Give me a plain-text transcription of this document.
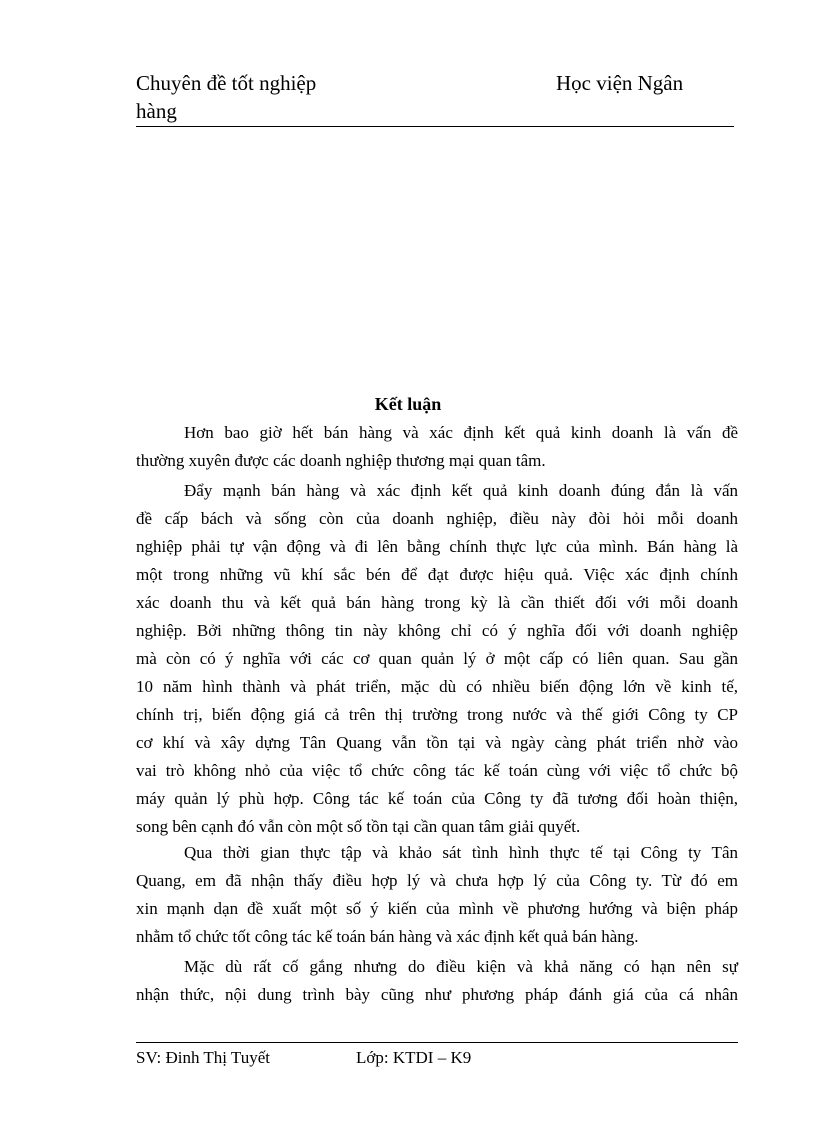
Chuyên đề tốt nghiệp
hàng
Học viện Ngân
Kết luận
Hơn bao giờ hết bán hàng và xác định kết quả kinh doanh là vấn đề
thường xuyên được các doanh nghiệp thương mại quan tâm.
Đẩy mạnh bán hàng và xác định kết quả kinh doanh đúng đắn là vấn
đề cấp bách và sống còn của doanh nghiệp, điều này đòi hỏi mỗi doanh
nghiệp phải tự vận động và đi lên bằng chính thực lực của mình. Bán hàng là
một trong những vũ khí sắc bén để đạt được hiệu quả. Việc xác định chính
xác doanh thu và kết quả bán hàng trong kỳ là cần thiết đối với mỗi doanh
nghiệp. Bởi những thông tin này không chỉ có ý nghĩa đối với doanh nghiệp
mà còn có ý nghĩa với các cơ quan quản lý ở một cấp có liên quan. Sau gần
10 năm hình thành và phát triển, mặc dù có nhiều biến động lớn về kinh tế,
chính trị, biến động giá cả trên thị trường trong nước và thế giới Công ty CP
cơ khí và xây dựng Tân Quang vẫn tồn tại và ngày càng phát triển nhờ vào
vai trò không nhỏ của việc tổ chức công tác kế toán cùng với việc tổ chức bộ
máy quản lý phù hợp. Công tác kế toán của Công ty đã tương đối hoàn thiện,
song bên cạnh đó vẫn còn một số tồn tại cần quan tâm giải quyết.
Qua thời gian thực tập và khảo sát tình hình thực tế tại Công ty Tân
Quang, em đã nhận thấy điều hợp lý và chưa hợp lý của Công ty. Từ đó em
xin mạnh dạn đề xuất một số ý kiến của mình về phương hướng và biện pháp
nhằm tổ chức tốt công tác kế toán bán hàng và xác định kết quả bán hàng.
Mặc dù rất cố gắng nhưng do điều kiện và khả năng có hạn nên sự
nhận thức, nội dung trình bày cũng như phương pháp đánh giá của cá nhân
SV: Đinh Thị Tuyết	Lớp: KTDI – K9
